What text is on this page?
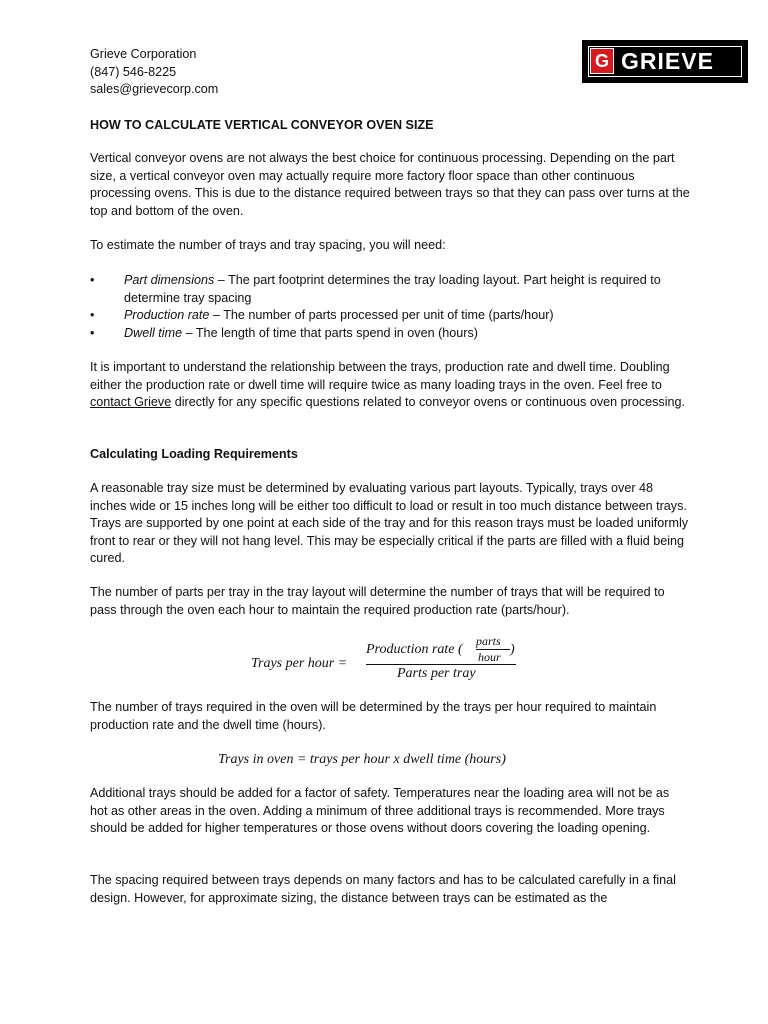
Grieve Corporation
(847) 546-8225
sales@grievecorp.com
G GRIEVE
HOW TO CALCULATE VERTICAL CONVEYOR OVEN SIZE

Vertical conveyor ovens are not always the best choice for continuous processing. Depending on the part size, a vertical conveyor oven may actually require more factory floor space than other continuous processing ovens. This is due to the distance required between trays so that they can pass over turns at the top and bottom of the oven.

To estimate the number of trays and tray spacing, you will need:

• Part dimensions – The part footprint determines the tray loading layout. Part height is required to determine tray spacing
• Production rate – The number of parts processed per unit of time (parts/hour)
• Dwell time – The length of time that parts spend in oven (hours)

It is important to understand the relationship between the trays, production rate and dwell time. Doubling either the production rate or dwell time will require twice as many loading trays in the oven. Feel free to contact Grieve directly for any specific questions related to conveyor ovens or continuous oven processing.

Calculating Loading Requirements

A reasonable tray size must be determined by evaluating various part layouts. Typically, trays over 48 inches wide or 15 inches long will be either too difficult to load or result in too much distance between trays. Trays are supported by one point at each side of the tray and for this reason trays must be loaded uniformly front to rear or they will not hang level. This may be especially critical if the parts are filled with a fluid being cured.

The number of parts per tray in the tray layout will determine the number of trays that will be required to pass through the oven each hour to maintain the required production rate (parts/hour).

Trays per hour =
Production rate (
parts
hour )
Parts per tray

The number of trays required in the oven will be determined by the trays per hour required to maintain production rate and the dwell time (hours).

Trays in oven = trays per hour x dwell time (hours)

Additional trays should be added for a factor of safety. Temperatures near the loading area will not be as hot as other areas in the oven. Adding a minimum of three additional trays is recommended. More trays should be added for higher temperatures or those ovens without doors covering the loading opening.

The spacing required between trays depends on many factors and has to be calculated carefully in a final design. However, for approximate sizing, the distance between trays can be estimated as the
